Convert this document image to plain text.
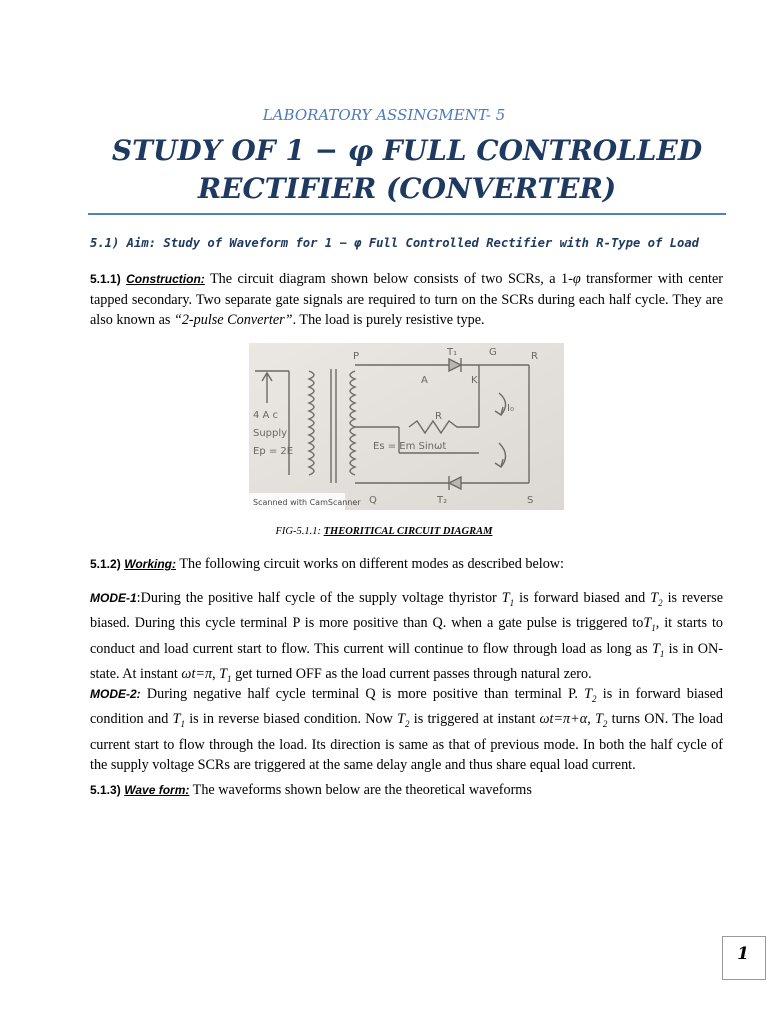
LABORATORY ASSINGMENT- 5
STUDY OF 1 − φ FULL CONTROLLED
RECTIFIER (CONVERTER)
5.1) Aim: Study of Waveform for 1 − φ Full Controlled Rectifier with R-Type of Load
5.1.1) Construction: The circuit diagram shown below consists of two SCRs, a 1-φ transformer with center tapped secondary. Two separate gate signals are required to turn on the SCRs during each half cycle. They are also known as “2-pulse Converter”. The load is purely resistive type.
4 A c
Supply
Ep = 2E
P
Q	S
R
T₁
T₂
A	K
G
I₀
R
Es = Em Sinωt
Scanned with CamScanner
FIG-5.1.1: THEORITICAL CIRCUIT DIAGRAM
5.1.2) Working: The following circuit works on different modes as described below:
MODE-1:During the positive half cycle of the supply voltage thyristor $T_1$ is forward biased and $T_2$ is reverse biased. During this cycle terminal P is more positive than Q. when a gate pulse is triggered toT$_1$, it starts to conduct and load current start to flow. This current will continue to flow through load as long as $T_1$ is in ON-state. At instant ωt=π, $T_1$ get turned OFF as the load current passes through natural zero.
MODE-2: During negative half cycle terminal Q is more positive than terminal P. $T_2$ is in forward biased condition and $T_1$ is in reverse biased condition. Now $T_2$ is triggered at instant ωt=π+α, $T_2$ turns ON. The load current start to flow through the load. Its direction is same as that of previous mode. In both the half cycle of the supply voltage SCRs are triggered at the same delay angle and thus share equal load current.
5.1.3) Wave form: The waveforms shown below are the theoretical waveforms
1
